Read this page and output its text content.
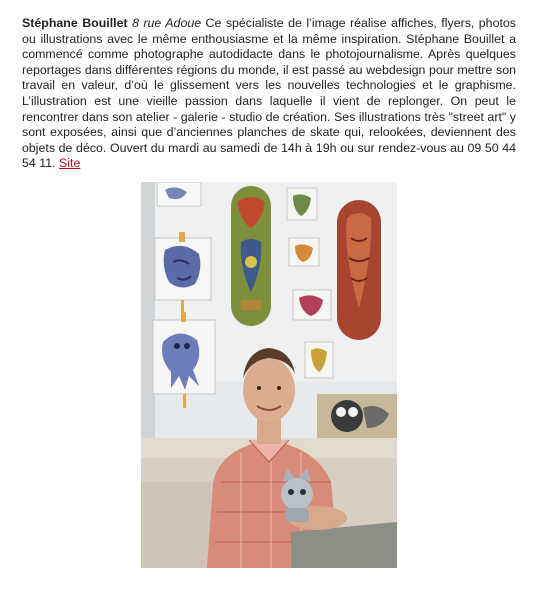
Stéphane Bouillet 8 rue Adoue Ce spécialiste de l’image réalise affiches, flyers, photos ou illustrations avec le même enthousiasme et la même inspiration. Stéphane Bouillet a commencé comme photographe autodidacte dans le photojournalisme. Après quelques reportages dans différentes régions du monde, il est passé au webdesign pour mettre son travail en valeur, d’où le glissement vers les nouvelles technologies et le graphisme. L’illustration est une vieille passion dans laquelle il vient de replonger. On peut le rencontrer dans son atelier - galerie - studio de création. Ses illustrations très "street art" y sont exposées, ainsi que d’anciennes planches de skate qui, relookées, deviennent des objets de déco. Ouvert du mardi au samedi de 14h à 19h ou sur rendez-vous au 09 50 44 54 11. Site
